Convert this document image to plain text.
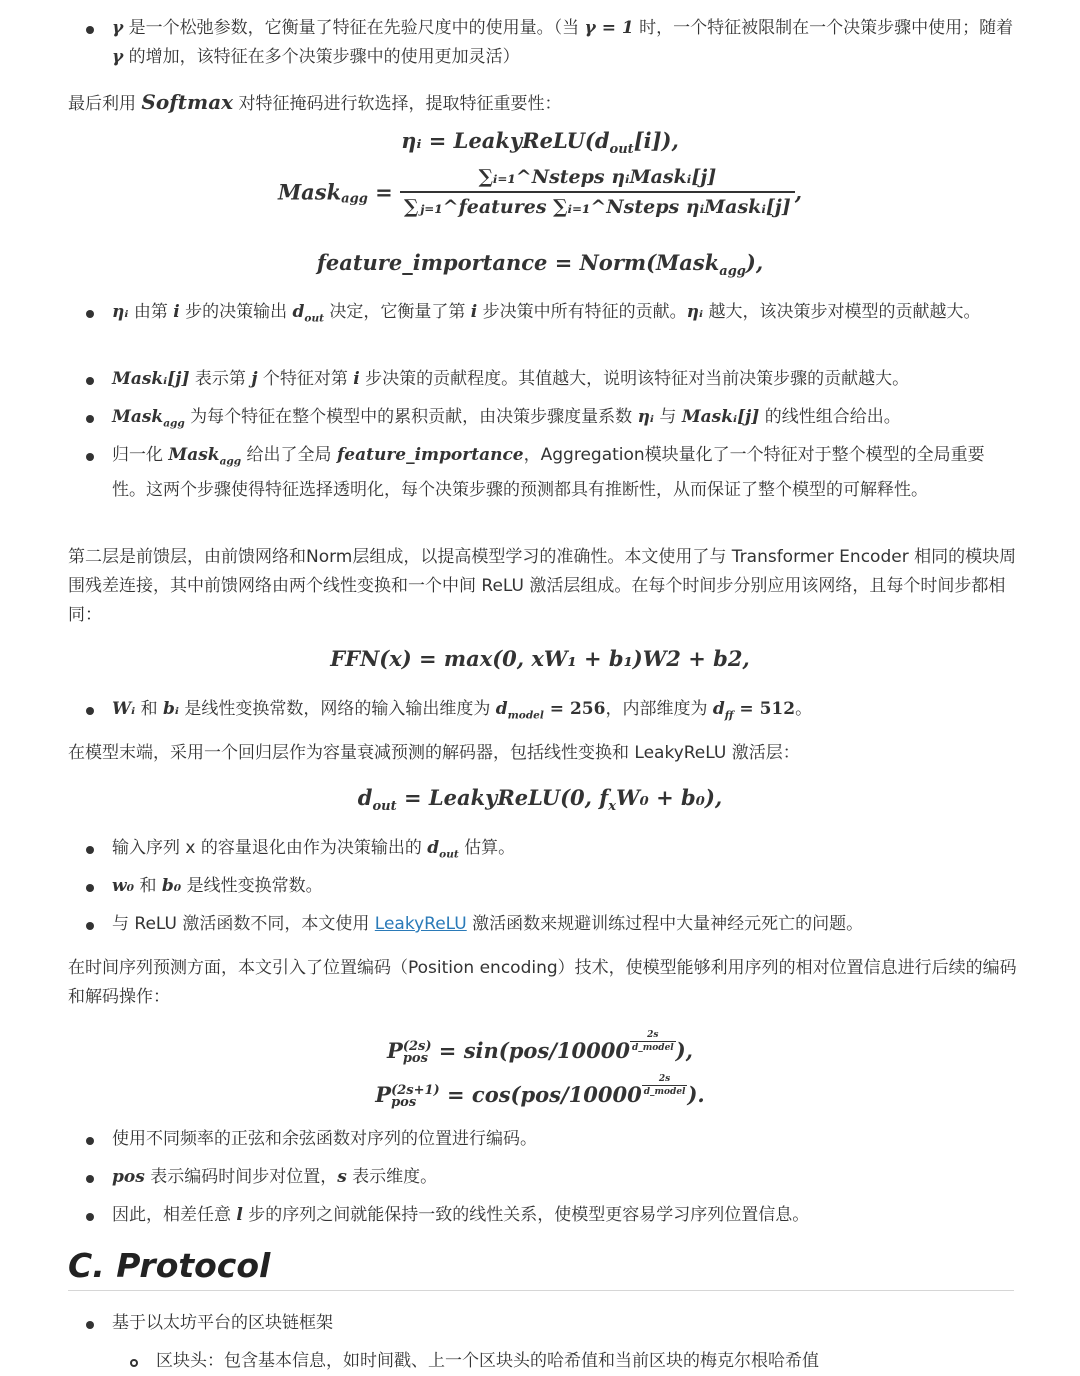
γ 是一个松弛参数，它衡量了特征在先验尺度中的使用量。（当 γ = 1 时，一个特征被限制在一个决策步骤中使用；随着 γ 的增加，该特征在多个决策步骤中的使用更加灵活）
最后利用 Softmax 对特征掩码进行软选择，提取特征重要性：
ηᵢ = $LeakyReLU(d_{out}[i])$,
Mask$_{agg}$ = $\frac{\text{∑ᵢ₌₁\textasciicircum{}Nsteps ηᵢMaskᵢ[j]}}{\text{∑ⱼ₌₁\textasciicircum{}features ∑ᵢ₌₁\textasciicircum{}Nsteps ηᵢMaskᵢ[j]}}$ ,
feature_importance = Norm(Mask$_{agg}$),
ηᵢ 由第 i 步的决策输出 $d_{out}$ 决定，它衡量了第 i 步决策中所有特征的贡献。ηᵢ 越大，该决策步对模型的贡献越大。
Maskᵢ[j] 表示第 j 个特征对第 i 步决策的贡献程度。其值越大，说明该特征对当前决策步骤的贡献越大。
Mask$_{agg}$ 为每个特征在整个模型中的累积贡献，由决策步骤度量系数 ηᵢ 与 Maskᵢ[j] 的线性组合给出。
归一化 Mask$_{agg}$ 给出了全局 feature_importance，Aggregation模块量化了一个特征对于整个模型的全局重要性。这两个步骤使得特征选择透明化，每个决策步骤的预测都具有推断性，从而保证了整个模型的可解释性。
第二层是前馈层，由前馈网络和Norm层组成，以提高模型学习的准确性。本文使用了与 Transformer Encoder 相同的模块周围残差连接，其中前馈网络由两个线性变换和一个中间 ReLU 激活层组成。在每个时间步分别应用该网络，且每个时间步都相同：
FFN(x) = max(0, xW₁ + b₁)W2 + b2,
Wᵢ 和 bᵢ 是线性变换常数，网络的输入输出维度为 $d_{model} = 256$，内部维度为 $d_{ff} = 512$。
在模型末端，采用一个回归层作为容量衰减预测的解码器，包括线性变换和 LeakyReLU 激活层：
$d_{out}$ = LeakyReLU(0, $f_xW_0 + b_0$),
输入序列 x 的容量退化由作为决策输出的 $d_{out}$ 估算。
w₀ 和 b₀ 是线性变换常数。
与 ReLU 激活函数不同，本文使用 LeakyReLU 激活函数来规避训练过程中大量神经元死亡的问题。
在时间序列预测方面，本文引入了位置编码（Position encoding）技术，使模型能够利用序列的相对位置信息进行后续的编码和解码操作：
P (2s)
pos = $\sin(pos/10000 \frac{2s}{\text{d\_model}}$ ),
P (2s+1)
pos	= $\cos(pos/10000 \frac{2s}{\text{d\_model}}$ ).
使用不同频率的正弦和余弦函数对序列的位置进行编码。
pos 表示编码时间步对位置，s 表示维度。
因此，相差任意 l 步的序列之间就能保持一致的线性关系，使模型更容易学习序列位置信息。
C. Protocol
基于以太坊平台的区块链框架
区块头：包含基本信息，如时间戳、上一个区块头的哈希值和当前区块的梅克尔根哈希值
